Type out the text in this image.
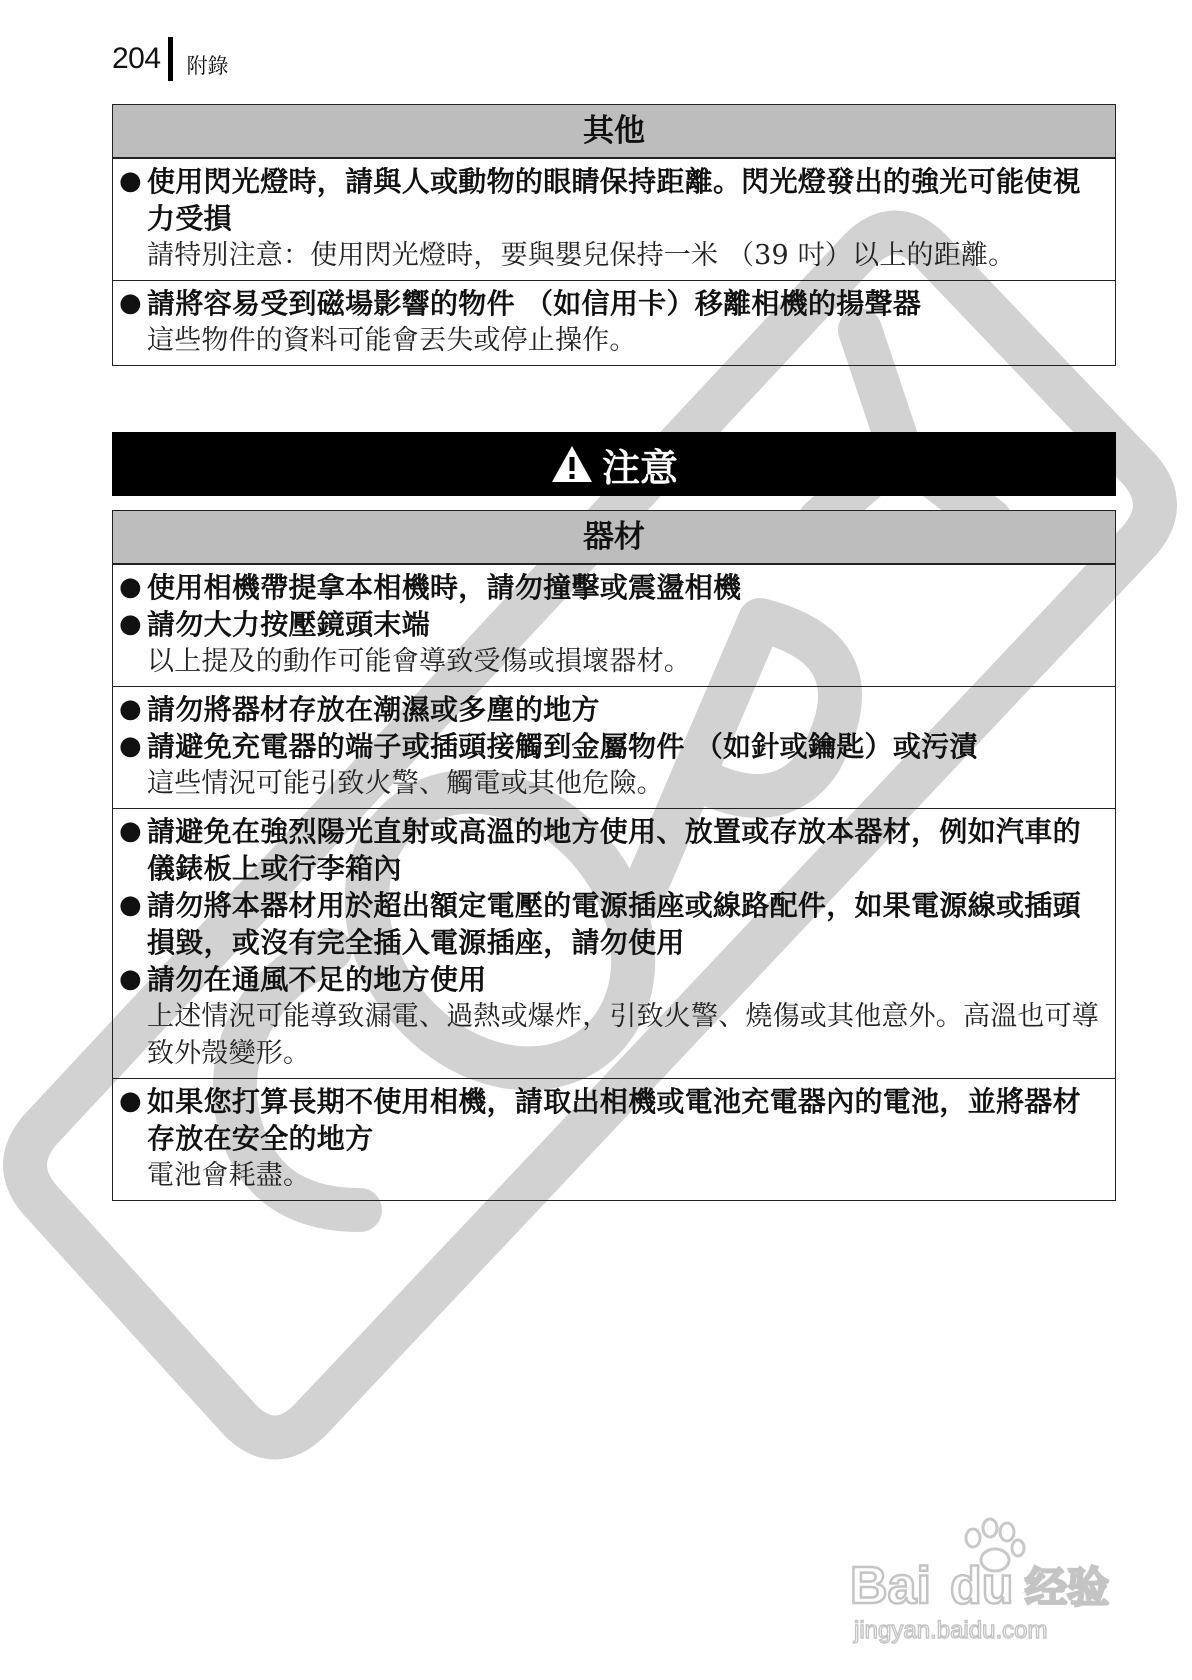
204 附錄
其他
● 使用閃光燈時，請與人或動物的眼睛保持距離。閃光燈發出的強光可能使視力受損
請特別注意：使用閃光燈時，要與嬰兒保持一米 （39 吋）以上的距離。
● 請將容易受到磁場影響的物件 （如信用卡）移離相機的揚聲器
這些物件的資料可能會丟失或停止操作。
注意
器材
● 使用相機帶提拿本相機時，請勿撞擊或震盪相機
● 請勿大力按壓鏡頭末端
以上提及的動作可能會導致受傷或損壞器材。
● 請勿將器材存放在潮濕或多塵的地方
● 請避免充電器的端子或插頭接觸到金屬物件 （如針或鑰匙）或污漬
這些情況可能引致火警、觸電或其他危險。
● 請避免在強烈陽光直射或高溫的地方使用、放置或存放本器材，例如汽車的儀錶板上或行李箱內
● 請勿將本器材用於超出額定電壓的電源插座或線路配件，如果電源線或插頭損毀，或沒有完全插入電源插座，請勿使用
● 請勿在通風不足的地方使用
上述情況可能導致漏電、過熱或爆炸，引致火警、燒傷或其他意外。高溫也可導致外殼變形。
● 如果您打算長期不使用相機，請取出相機或電池充電器內的電池，並將器材存放在安全的地方
電池會耗盡。
Bai du 经验
jingyan.baidu.com
